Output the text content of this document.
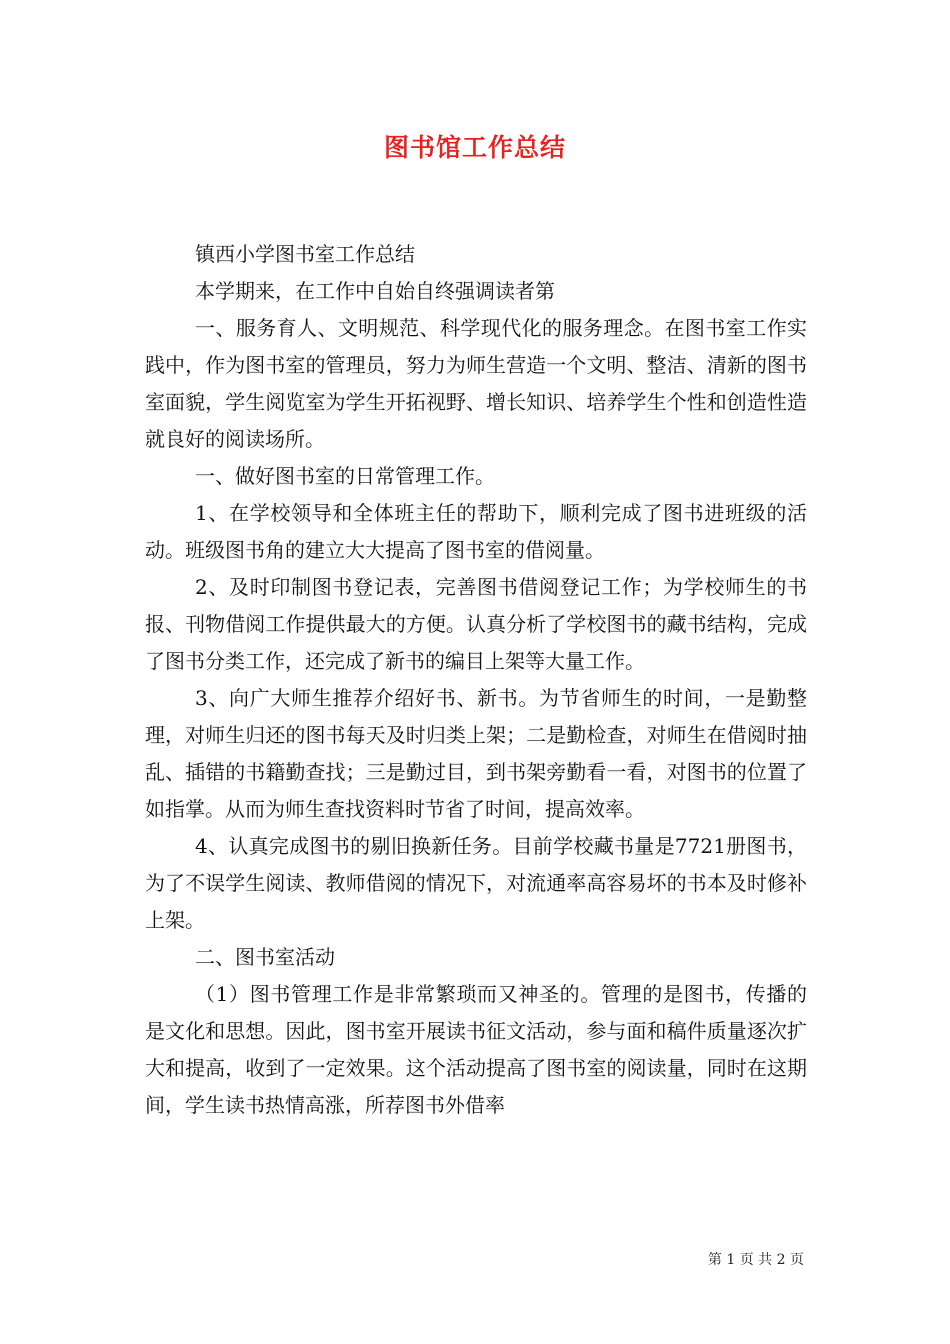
图书馆工作总结

镇西小学图书室工作总结

本学期来，在工作中自始自终强调读者第

一、服务育人、文明规范、科学现代化的服务理念。在图书室工作实践中，作为图书室的管理员，努力为师生营造一个文明、整洁、清新的图书室面貌，学生阅览室为学生开拓视野、增长知识、培养学生个性和创造性造就良好的阅读场所。

一、做好图书室的日常管理工作。

1、在学校领导和全体班主任的帮助下，顺利完成了图书进班级的活动。班级图书角的建立大大提高了图书室的借阅量。

2、及时印制图书登记表，完善图书借阅登记工作；为学校师生的书报、刊物借阅工作提供最大的方便。认真分析了学校图书的藏书结构，完成了图书分类工作，还完成了新书的编目上架等大量工作。

3、向广大师生推荐介绍好书、新书。为节省师生的时间，一是勤整理，对师生归还的图书每天及时归类上架；二是勤检查，对师生在借阅时抽乱、插错的书籍勤查找；三是勤过目，到书架旁勤看一看，对图书的位置了如指掌。从而为师生查找资料时节省了时间，提高效率。

4、认真完成图书的剔旧换新任务。目前学校藏书量是7721册图书，为了不误学生阅读、教师借阅的情况下，对流通率高容易坏的书本及时修补上架。

二、图书室活动

（1）图书管理工作是非常繁琐而又神圣的。管理的是图书，传播的是文化和思想。因此，图书室开展读书征文活动，参与面和稿件质量逐次扩大和提高，收到了一定效果。这个活动提高了图书室的阅读量，同时在这期间，学生读书热情高涨，所荐图书外借率

第 1 页 共 2 页
